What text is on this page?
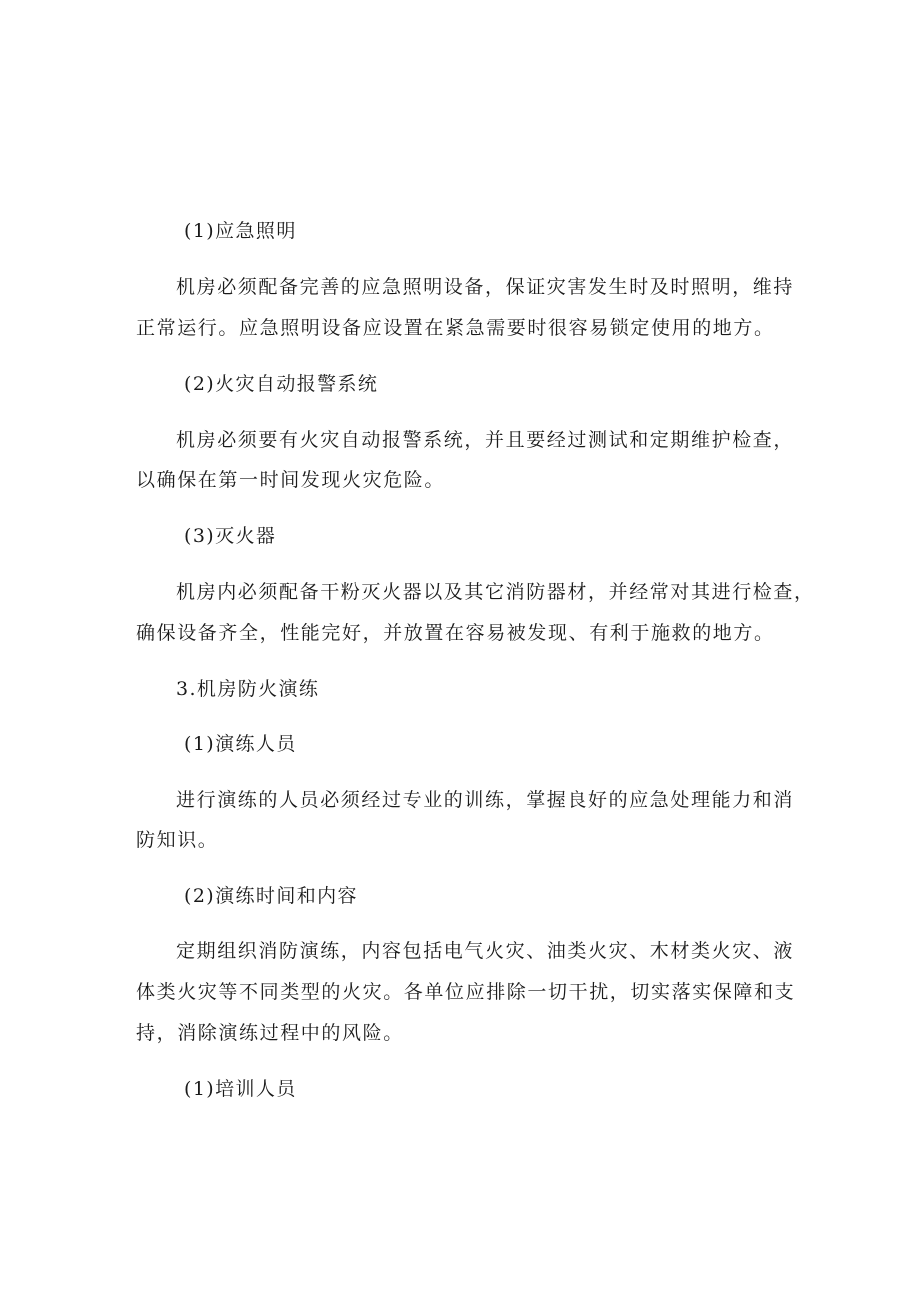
(1)应急照明
机房必须配备完善的应急照明设备，保证灾害发生时及时照明，维持
正常运行。应急照明设备应设置在紧急需要时很容易锁定使用的地方。
(2)火灾自动报警系统
机房必须要有火灾自动报警系统，并且要经过测试和定期维护检查，
以确保在第一时间发现火灾危险。
(3)灭火器
机房内必须配备干粉灭火器以及其它消防器材，并经常对其进行检查，
确保设备齐全，性能完好，并放置在容易被发现、有利于施救的地方。
3.机房防火演练
(1)演练人员
进行演练的人员必须经过专业的训练，掌握良好的应急处理能力和消
防知识。
(2)演练时间和内容
定期组织消防演练，内容包括电气火灾、油类火灾、木材类火灾、液
体类火灾等不同类型的火灾。各单位应排除一切干扰，切实落实保障和支
持，消除演练过程中的风险。
(1)培训人员
